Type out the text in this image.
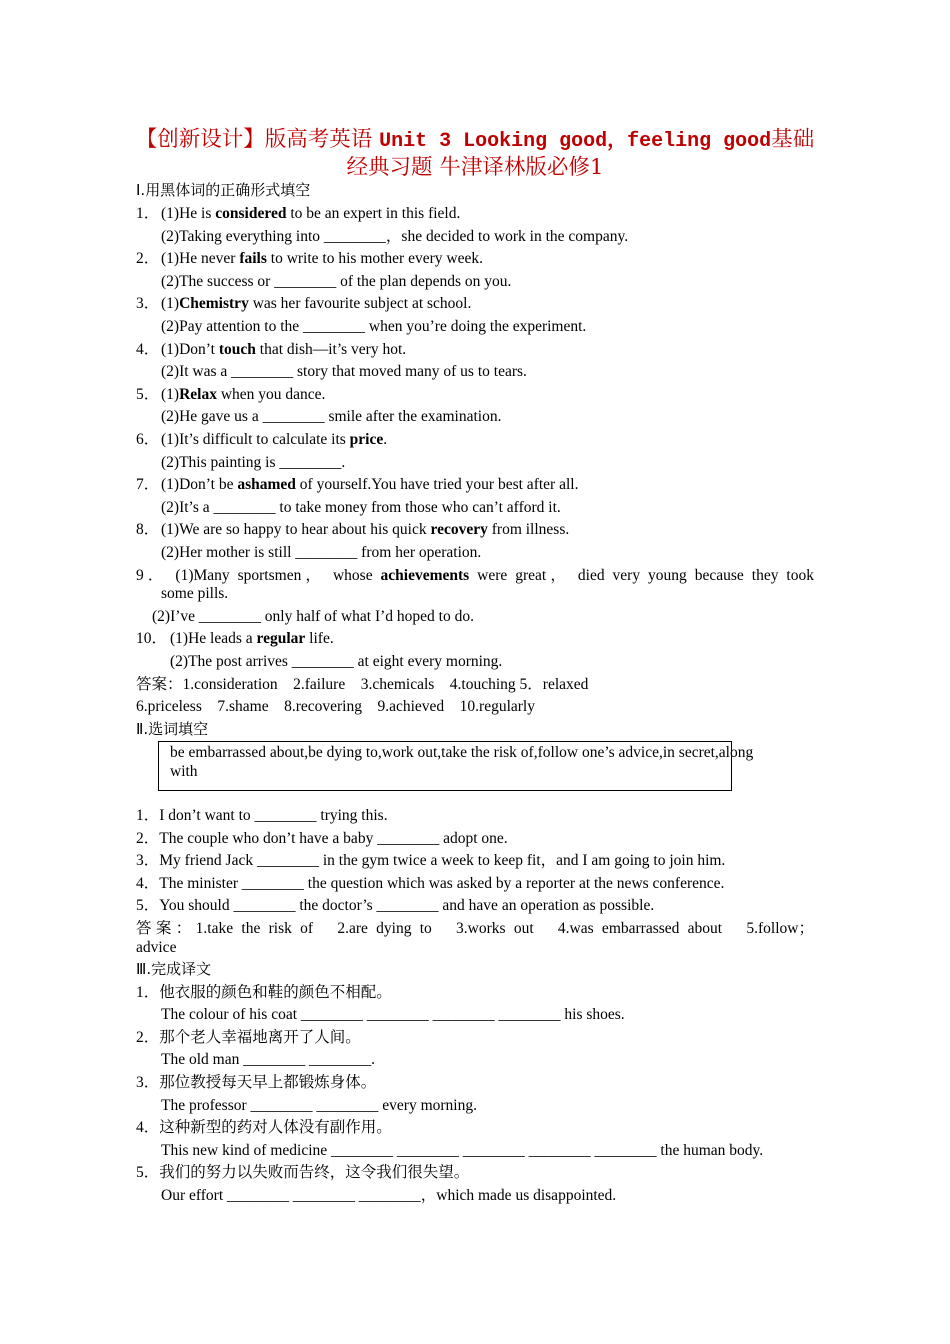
【创新设计】版高考英语 Unit 3 Looking good，feeling good基础
经典习题 牛津译林版必修1
Ⅰ.用黑体词的正确形式填空
1． (1)He is considered to be an expert in this field.
(2)Taking everything into ________，she decided to work in the company.
2． (1)He never fails to write to his mother every week.
(2)The success or ________ of the plan depends on you.
3． (1)Chemistry was her favourite subject at school.
(2)Pay attention to the ________ when you’re doing the experiment.
4． (1)Don’t touch that dish—it’s very hot.
(2)It was a ________ story that moved many of us to tears.
5． (1)Relax when you dance.
(2)He gave us a ________ smile after the examination.
6． (1)It’s difficult to calculate its price.
(2)This painting is ________.
7． (1)Don’t be ashamed of yourself.You have tried your best after all.
(2)It’s a ________ to take money from those who can’t afford it.
8． (1)We are so happy to hear about his quick recovery from illness.
(2)Her mother is still ________ from her operation.
9． (1)Many sportsmen， whose achievements were great， died very young because they took
some pills.
(2)I’ve ________ only half of what I’d hoped to do.
10． (1)He leads a regular life.
(2)The post arrives ________ at eight every morning.
答案：1.consideration　2.failure　3.chemicals　4.touching 5．relaxed
6.priceless　7.shame　8.recovering　9.achieved　10.regularly
Ⅱ.选词填空
be embarrassed about,be dying to,work out,take the risk of,follow one’s advice,in secret,along
with
1．I don’t want to ________ trying this.
2．The couple who don’t have a baby ________ adopt one.
3．My friend Jack ________ in the gym twice a week to keep fit，and I am going to join him.
4．The minister ________ the question which was asked by a reporter at the news conference.
5．You should ________ the doctor’s ________ and have an operation as possible.
答案：1.take the risk of　2.are dying to　3.works out　4.was embarrassed about　5.follow；
advice
Ⅲ.完成译文
1．他衣服的颜色和鞋的颜色不相配。
The colour of his coat ________ ________ ________ ________ his shoes.
2．那个老人幸福地离开了人间。
The old man ________ ________.
3．那位教授每天早上都锻炼身体。
The professor ________ ________ every morning.
4．这种新型的药对人体没有副作用。
This new kind of medicine ________ ________ ________ ________ ________ the human body.
5．我们的努力以失败而告终，这令我们很失望。
Our effort ________ ________ ________，which made us disappointed.
